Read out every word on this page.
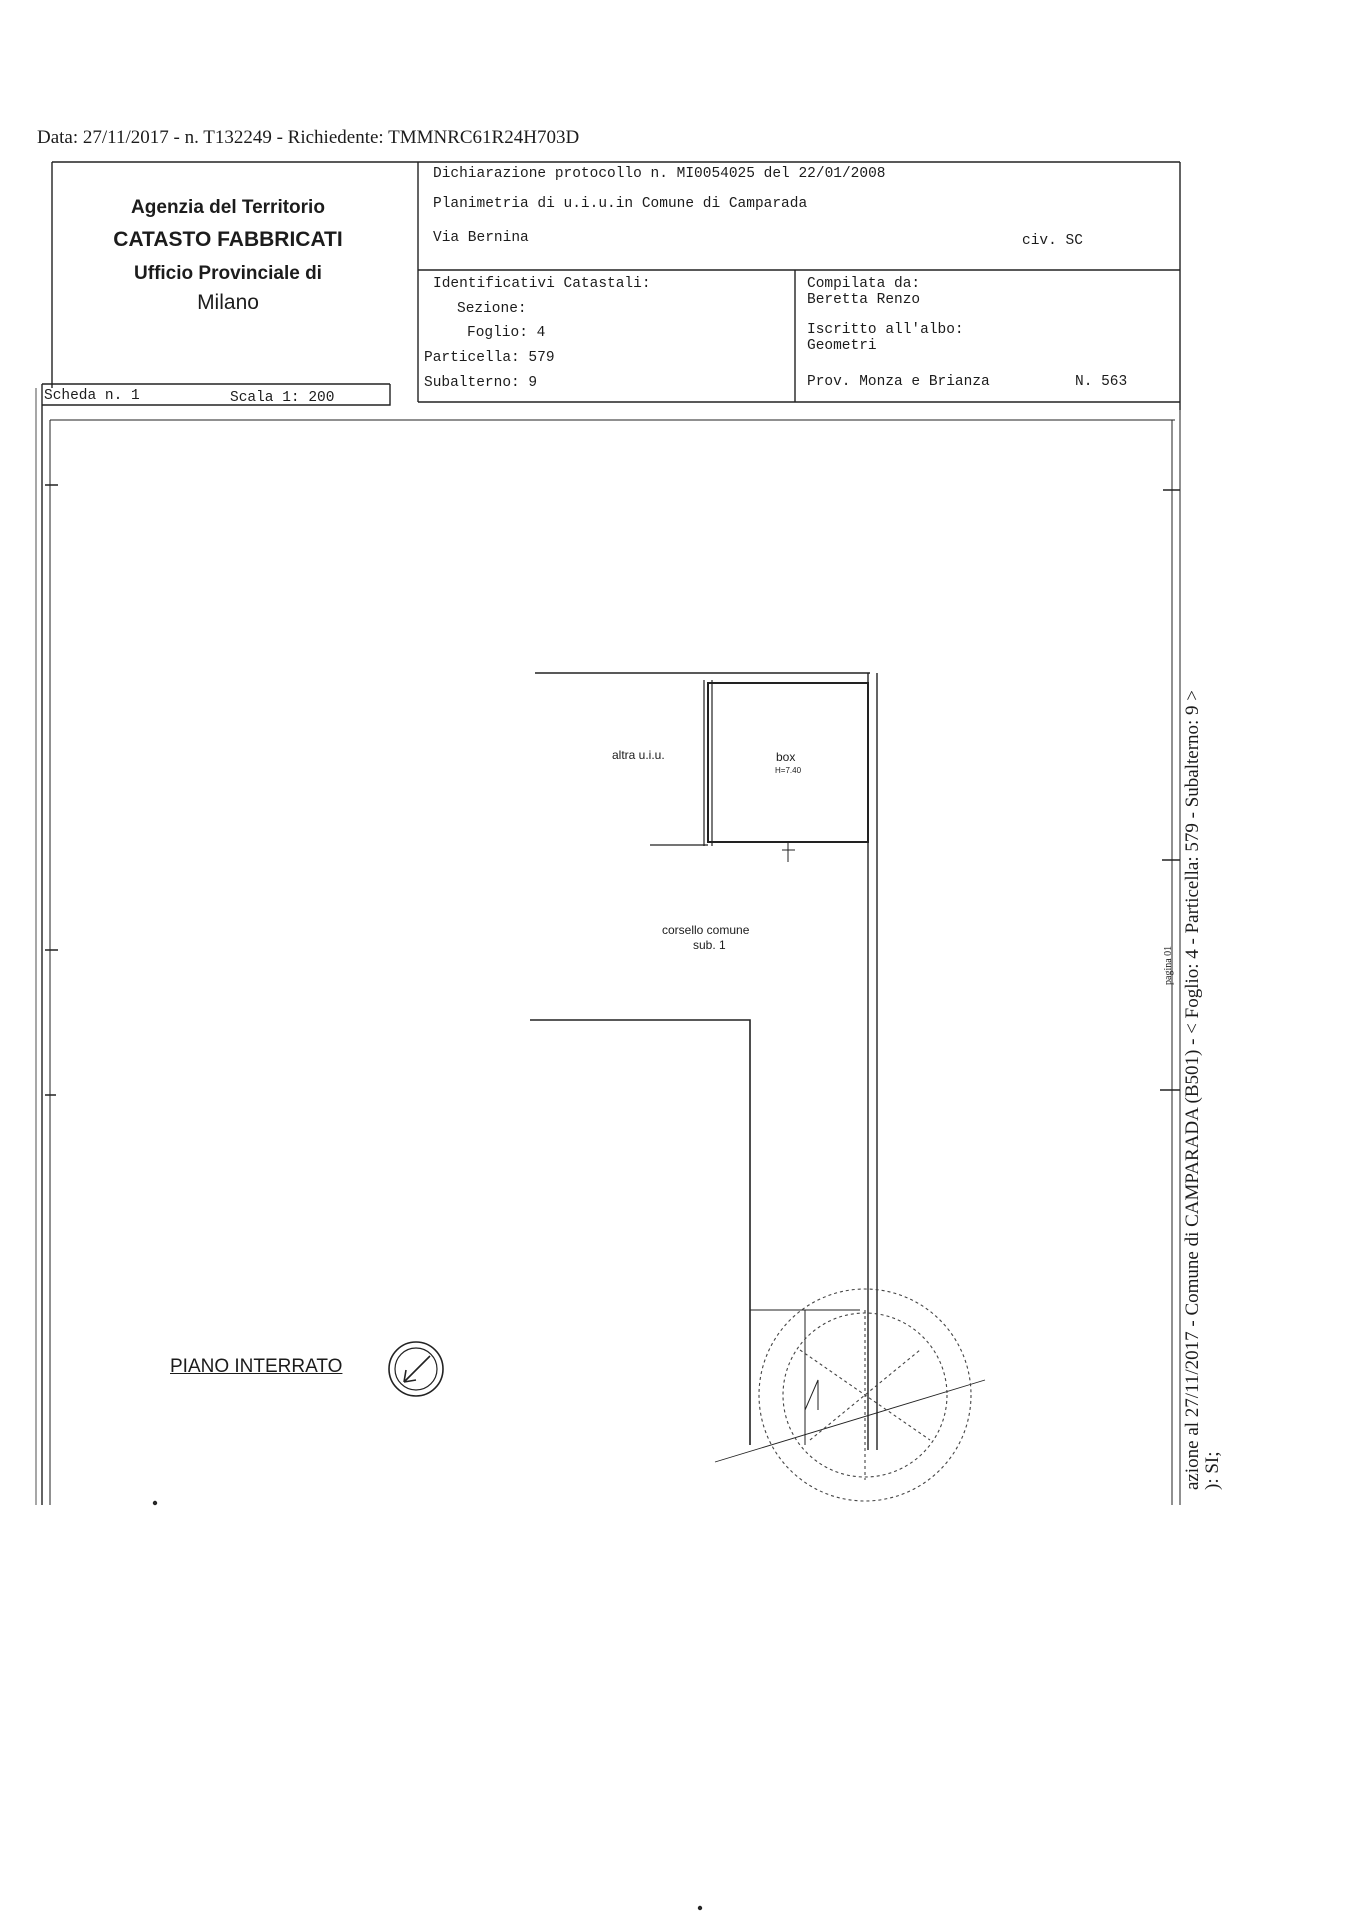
Data: 27/11/2017 - n. T132249 - Richiedente: TMMNRC61R24H703D
Agenzia del Territorio
CATASTO FABBRICATI
Ufficio Provinciale di
Milano
Dichiarazione protocollo n. MI0054025 del 22/01/2008
Planimetria di u.i.u.in Comune di Camparada
Via Bernina	civ. SC
Identificativi Catastali:
Sezione:
Foglio: 4
Particella: 579
Subalterno: 9
Compilata da:
Beretta Renzo
Iscritto all'albo:
Geometri
Prov. Monza e Brianza	N. 563
Scheda n. 1	Scala 1: 200
altra u.i.u.	box
H=7.40
corsello comune
sub. 1
PIANO INTERRATO	azione al 27/11/2017 - Comune di CAMPARADA (B501) - < Foglio: 4 - Particella: 579 - Subalterno: 9 > ): SI;
pagina 01
